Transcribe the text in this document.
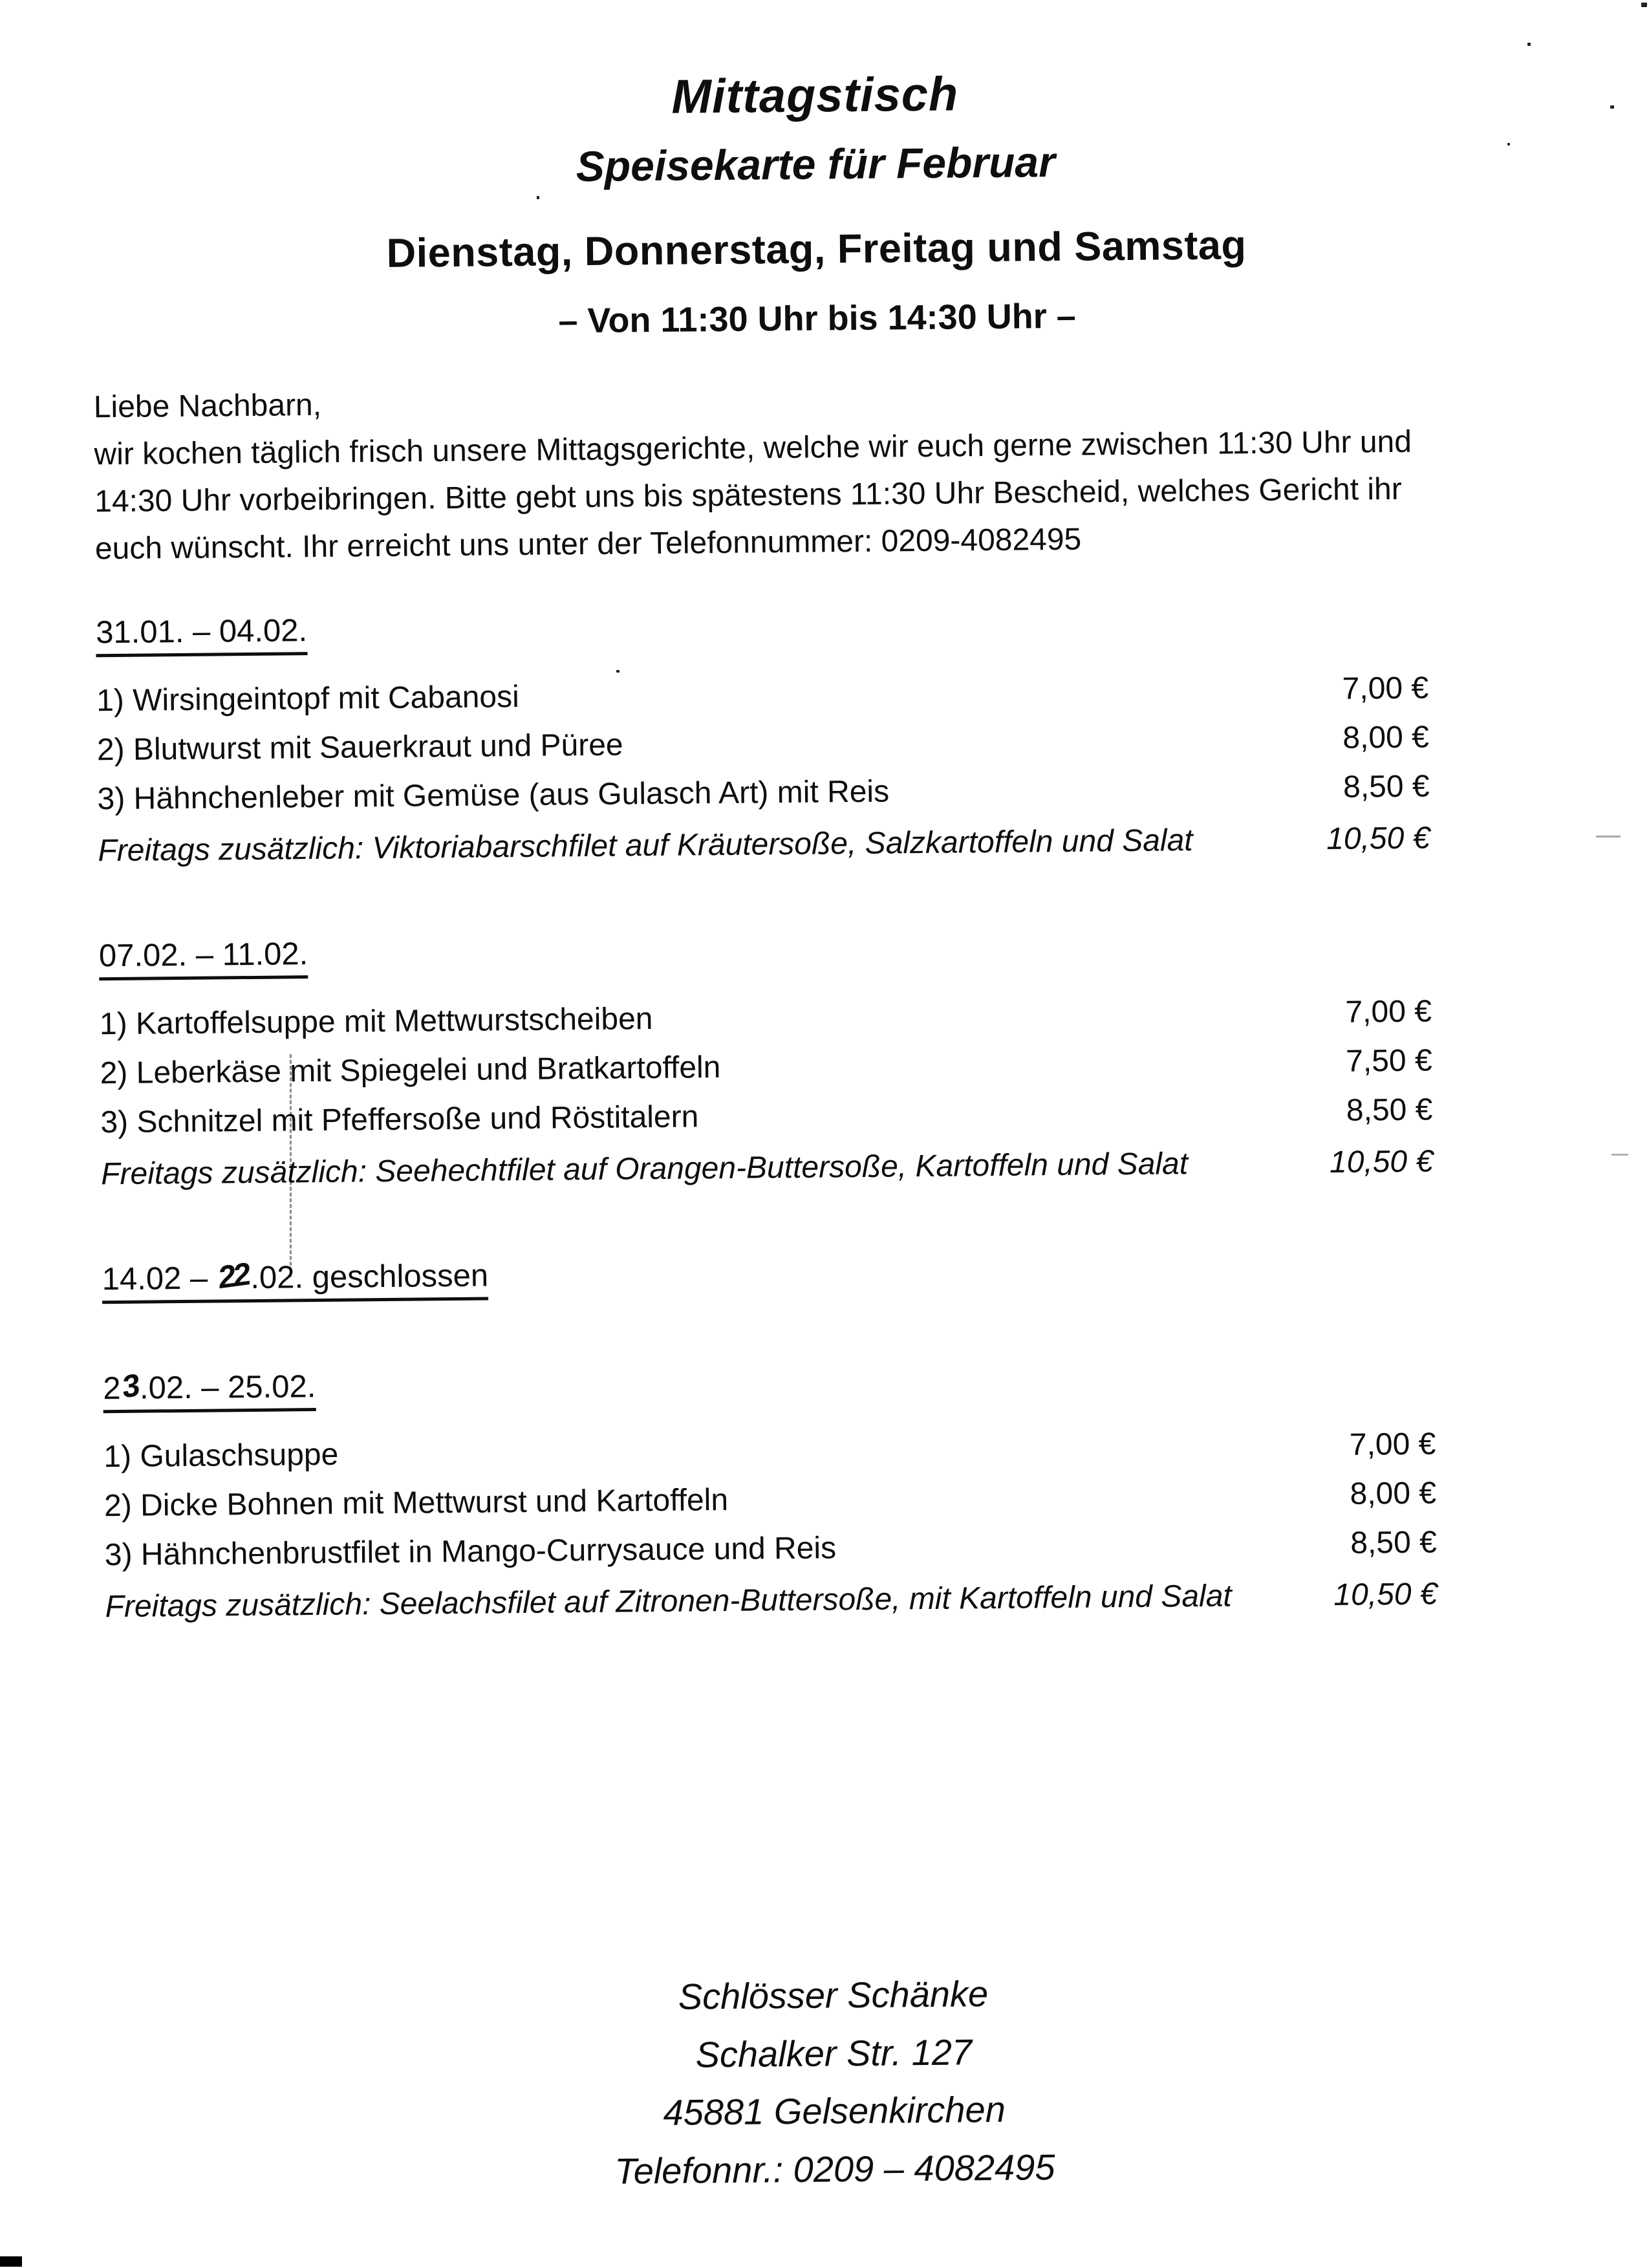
Mittagstisch
Speisekarte für Februar
Dienstag, Donnerstag, Freitag und Samstag
– Von 11:30 Uhr bis 14:30 Uhr –
Liebe Nachbarn,
wir kochen täglich frisch unsere Mittagsgerichte, welche wir euch gerne zwischen 11:30 Uhr und
14:30 Uhr vorbeibringen. Bitte gebt uns bis spätestens 11:30 Uhr Bescheid, welches Gericht ihr
euch wünscht. Ihr erreicht uns unter der Telefonnummer: 0209-4082495
31.01. – 04.02.
1) Wirsingeintopf mit Cabanosi	7,00 €
2) Blutwurst mit Sauerkraut und Püree	8,00 €
3) Hähnchenleber mit Gemüse (aus Gulasch Art) mit Reis	8,50 €
Freitags zusätzlich: Viktoriabarschfilet auf Kräutersoße, Salzkartoffeln und Salat	10,50 €
07.02. – 11.02.
1) Kartoffelsuppe mit Mettwurstscheiben	7,00 €
2) Leberkäse mit Spiegelei und Bratkartoffeln	7,50 €
3) Schnitzel mit Pfeffersoße und Röstitalern	8,50 €
Freitags zusätzlich: Seehechtfilet auf Orangen-Buttersoße, Kartoffeln und Salat	10,50 €
14.02 – 22.02. geschlossen
23.02. – 25.02.
1) Gulaschsuppe	7,00 €
2) Dicke Bohnen mit Mettwurst und Kartoffeln	8,00 €
3) Hähnchenbrustfilet in Mango-Currysauce und Reis	8,50 €
Freitags zusätzlich: Seelachsfilet auf Zitronen-Buttersoße, mit Kartoffeln und Salat	10,50 €
Schlösser Schänke
Schalker Str. 127
45881 Gelsenkirchen
Telefonnr.: 0209 – 4082495
